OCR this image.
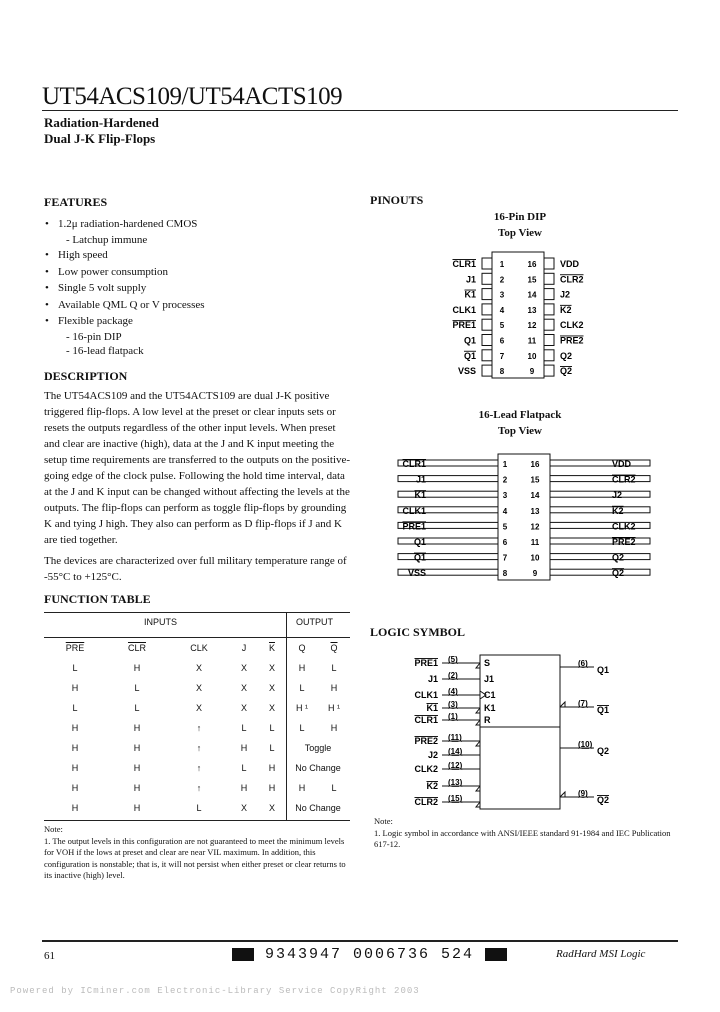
UT54ACS109/UT54ACTS109
Radiation-Hardened
Dual J-K Flip-Flops
FEATURES
• 1.2μ radiation-hardened CMOS
- Latchup immune
• High speed
• Low power consumption
• Single 5 volt supply
• Available QML Q or V processes
• Flexible package
- 16-pin DIP
- 16-lead flatpack
DESCRIPTION

The UT54ACS109 and the UT54ACTS109 are dual J-K positive triggered flip-flops. A low level at the preset or clear inputs sets or resets the outputs regardless of the other input levels. When preset and clear are inactive (high), data at the J and K input meeting the setup time requirements are transferred to the outputs on the positive-going edge of the clock pulse. Following the hold time interval, data at the J and K input can be changed without affecting the levels at the outputs. The flip-flops can perform as toggle flip-flops by grounding K and tying J high. They also can perform as D flip-flops if J and K are tied together.

The devices are characterized over full military temperature range of -55°C to +125°C.

FUNCTION TABLE
INPUTS	OUTPUT
$\overline{PRE}$	$\overline{CLR}$	CLK	J	$\overline{K}$	Q	$\overline{Q}$
L	H	X	X	X	H	L
H	L	X	X	X	L	H
L	L	X	X	X	H ¹	H ¹
H	H	↑	L	L	L	H
H	H	↑	H	L	Toggle	
H	H	↑	L	H	No Change	
H	H	↑	H	H	H	L
H	H	L	X	X	No Change	
Note:
1. The output levels in this configuration are not guaranteed to meet the minimum levels for VOH if the lows at preset and clear are near VIL maximum. In addition, this configuration is nonstable; that is, it will not persist when either preset or clear returns to its inactive (high) level.
PINOUTS
16-Pin DIP
Top View
CLR1	1
J1	2
K1	3
CLK1	4
PRE1	5
Q1	6
Q1	7
VSS	8
VDD
16
CLR2
15
J2
14
K2
13
CLK2
12
PRE2
11
Q2
10
Q2
9
16-Lead Flatpack
Top View
CLR1	1
J1	2
K1	3
CLK1	4
PRE1	5
Q1	6
Q1	7
VSS	8
VDD
16
CLR2
15
J2
14
K2
13
CLK2
12
PRE2
11
Q2
10
Q2
9
LOGIC SYMBOL
PRE1 (5)	S
J1 (2)	J1
CLK1 (4)	C1
K1 (3)	K1
CLR1 (1)	R
PRE2 (11)
J2 (14)
CLK2 (12)
K2 (13)
CLR2 (15)
(6)
Q1
(7)
Q1
(10)
Q2
(9)
Q2
Note:
1. Logic symbol in accordance with ANSI/IEEE standard 91-1984 and IEC Publication 617-12.
61	9343947 0006736 524	RadHard MSI Logic
Powered by ICminer.com Electronic-Library Service CopyRight 2003
